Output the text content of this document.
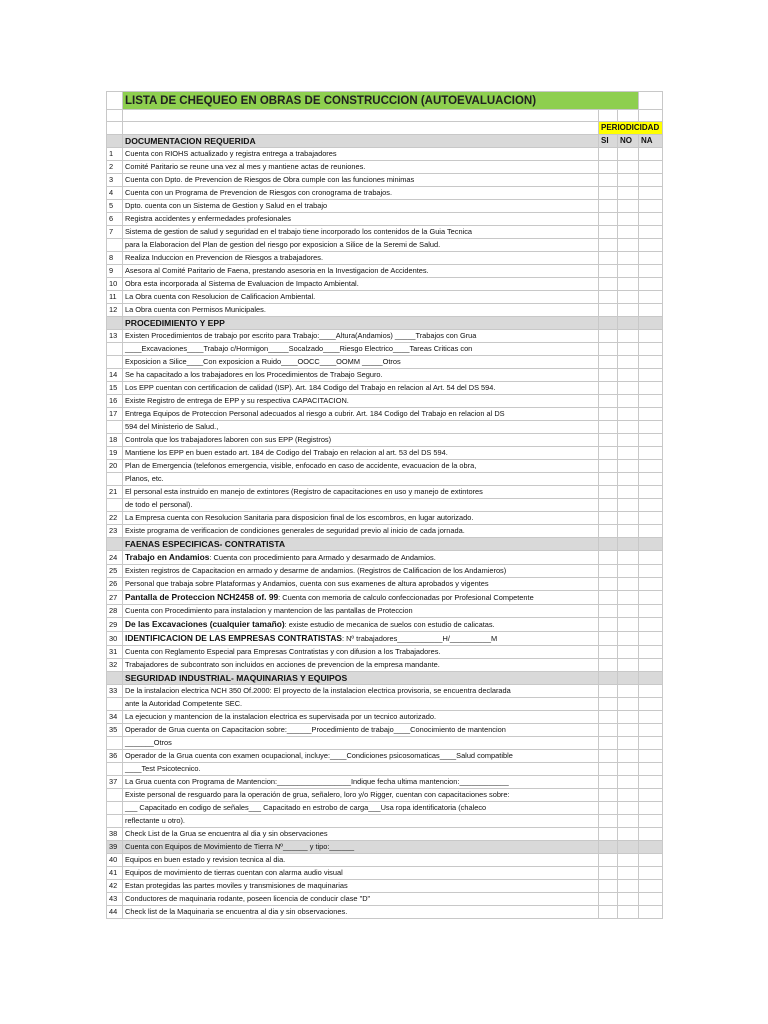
	LISTA DE CHEQUEO EN OBRAS DE CONSTRUCCION (AUTOEVALUACION)			

		PERIODICIDAD		
	DOCUMENTACION REQUERIDA	SI	NO	NA
1	Cuenta con RIOHS actualizado y registra entrega a trabajadores			
2	Comité Paritario se reune una vez al mes y mantiene actas de reuniones.			
3	Cuenta con Dpto. de Prevencion de Riesgos de Obra cumple con las funciones minimas			
4	Cuenta con un Programa de Prevencion de Riesgos con cronograma de trabajos.			
5	Dpto. cuenta con un Sistema de Gestion y Salud en el trabajo			
6	Registra accidentes y enfermedades profesionales			
7	Sistema de gestion de salud y seguridad en el trabajo tiene incorporado los contenidos de la Guia Tecnica			
	para la Elaboracion del Plan de gestion del riesgo por exposicion a Silice de la Seremi de Salud.			
8	Realiza Induccion en Prevencion de Riesgos a trabajadores.			
9	Asesora al Comité Paritario de Faena, prestando asesoria en la Investigacion de Accidentes.			
10	Obra esta incorporada al Sistema de Evaluacion de Impacto Ambiental.			
11	La Obra cuenta con Resolucion de Calificacion Ambiental.			
12	La Obra cuenta con Permisos Municipales.			
	PROCEDIMIENTO Y EPP			
13	Existen Procedimientos de trabajo por escrito para Trabajo:____Altura(Andamios) _____Trabajos con Grua			
	____Excavaciones____Trabajo c/Hormigon_____Socalzado____Riesgo Electrico____Tareas Criticas con			
	Exposicion a Silice____Con exposicion a Ruido____OOCC____OOMM _____Otros			
14	Se ha capacitado a los trabajadores en los Procedimientos de Trabajo Seguro.			
15	Los EPP cuentan con certificacion de calidad (ISP). Art. 184 Codigo del Trabajo en relacion al Art. 54 del DS 594.			
16	Existe Registro de entrega de EPP y su respectiva CAPACITACION.			
17	Entrega Equipos de Proteccion Personal adecuados al riesgo a cubrir. Art. 184 Codigo del Trabajo en relacion al DS			
	594 del Ministerio de Salud.,			
18	Controla que los trabajadores laboren con sus EPP (Registros)			
19	Mantiene los EPP en buen estado art. 184 de Codigo del Trabajo en relacion al art. 53 del DS 594.			
20	Plan de Emergencia (telefonos emergencia, visible, enfocado en caso de accidente, evacuacion de la obra,			
	Planos, etc.			
21	El personal esta instruido en manejo de extintores (Registro de capacitaciones en uso y manejo de extintores			
	de todo el personal).			
22	La Empresa cuenta con Resolucion Sanitaria para disposicion final de los escombros, en lugar autorizado.			
23	Existe programa de verificacion de condiciones generales de seguridad previo al inicio de cada jornada.			
	FAENAS ESPECIFICAS- CONTRATISTA			
24	Trabajo en Andamios: Cuenta con procedimiento para Armado y desarmado de Andamios.			
25	Existen registros de Capacitacion en armado y desarme de andamios. (Registros de Calificacion de los Andamieros)			
26	Personal que trabaja sobre Plataformas y Andamios, cuenta con sus examenes de altura aprobados y vigentes			
27	Pantalla de Proteccion NCH2458 of. 99: Cuenta con memoria de calculo confeccionadas por Profesional Competente			
28	Cuenta con Procedimiento para instalacion y mantencion de las pantallas de Proteccion			
29	De las Excavaciones (cualquier tamaño): existe estudio de mecanica de suelos con estudio de calicatas.			
30	IDENTIFICACION DE LAS EMPRESAS CONTRATISTAS: Nº trabajadores___________H/__________M			
31	Cuenta con Reglamento Especial para Empresas Contratistas y con difusion a los Trabajadores.			
32	Trabajadores de subcontrato son incluidos en acciones de prevencion de la empresa mandante.			
	SEGURIDAD INDUSTRIAL- MAQUINARIAS Y EQUIPOS			
33	De la instalacion electrica NCH 350 Of.2000: El proyecto de la instalacion electrica provisoria, se encuentra declarada			
	ante la Autoridad Competente SEC.			
34	La ejecucion y mantencion de la instalacion electrica es supervisada por un tecnico autorizado.			
35	Operador de Grua cuenta on Capacitacion sobre:______Procedimiento de trabajo____Conocimiento de mantencion			
	_______Otros			
36	Operador de la Grua cuenta con examen ocupacional, incluye:____Condiciones psicosomaticas____Salud compatible			
	____Test Psicotecnico.			
37	La Grua cuenta con Programa de Mantencion:__________________Indique fecha ultima mantencion:____________			
	Existe personal de resguardo para la operación de grua, señalero, loro y/o Rigger, cuentan con capacitaciones sobre:			
	___ Capacitado en codigo de señales___ Capacitado en estrobo de carga___Usa ropa identificatoria (chaleco			
	reflectante u otro).			
38	Check List de la Grua se encuentra al dia y sin observaciones			
39	Cuenta con Equipos de Movimiento de Tierra Nº______ y tipo:______			
40	Equipos en buen estado y revision tecnica al dia.			
41	Equipos de movimiento de tierras cuentan con alarma audio visual			
42	Estan protegidas las partes moviles y transmisiones de maquinarias			
43	Conductores de maquinaria rodante, poseen licencia de conducir clase "D"			
44	Check list de la Maquinaria se encuentra al dia y sin observaciones.			
